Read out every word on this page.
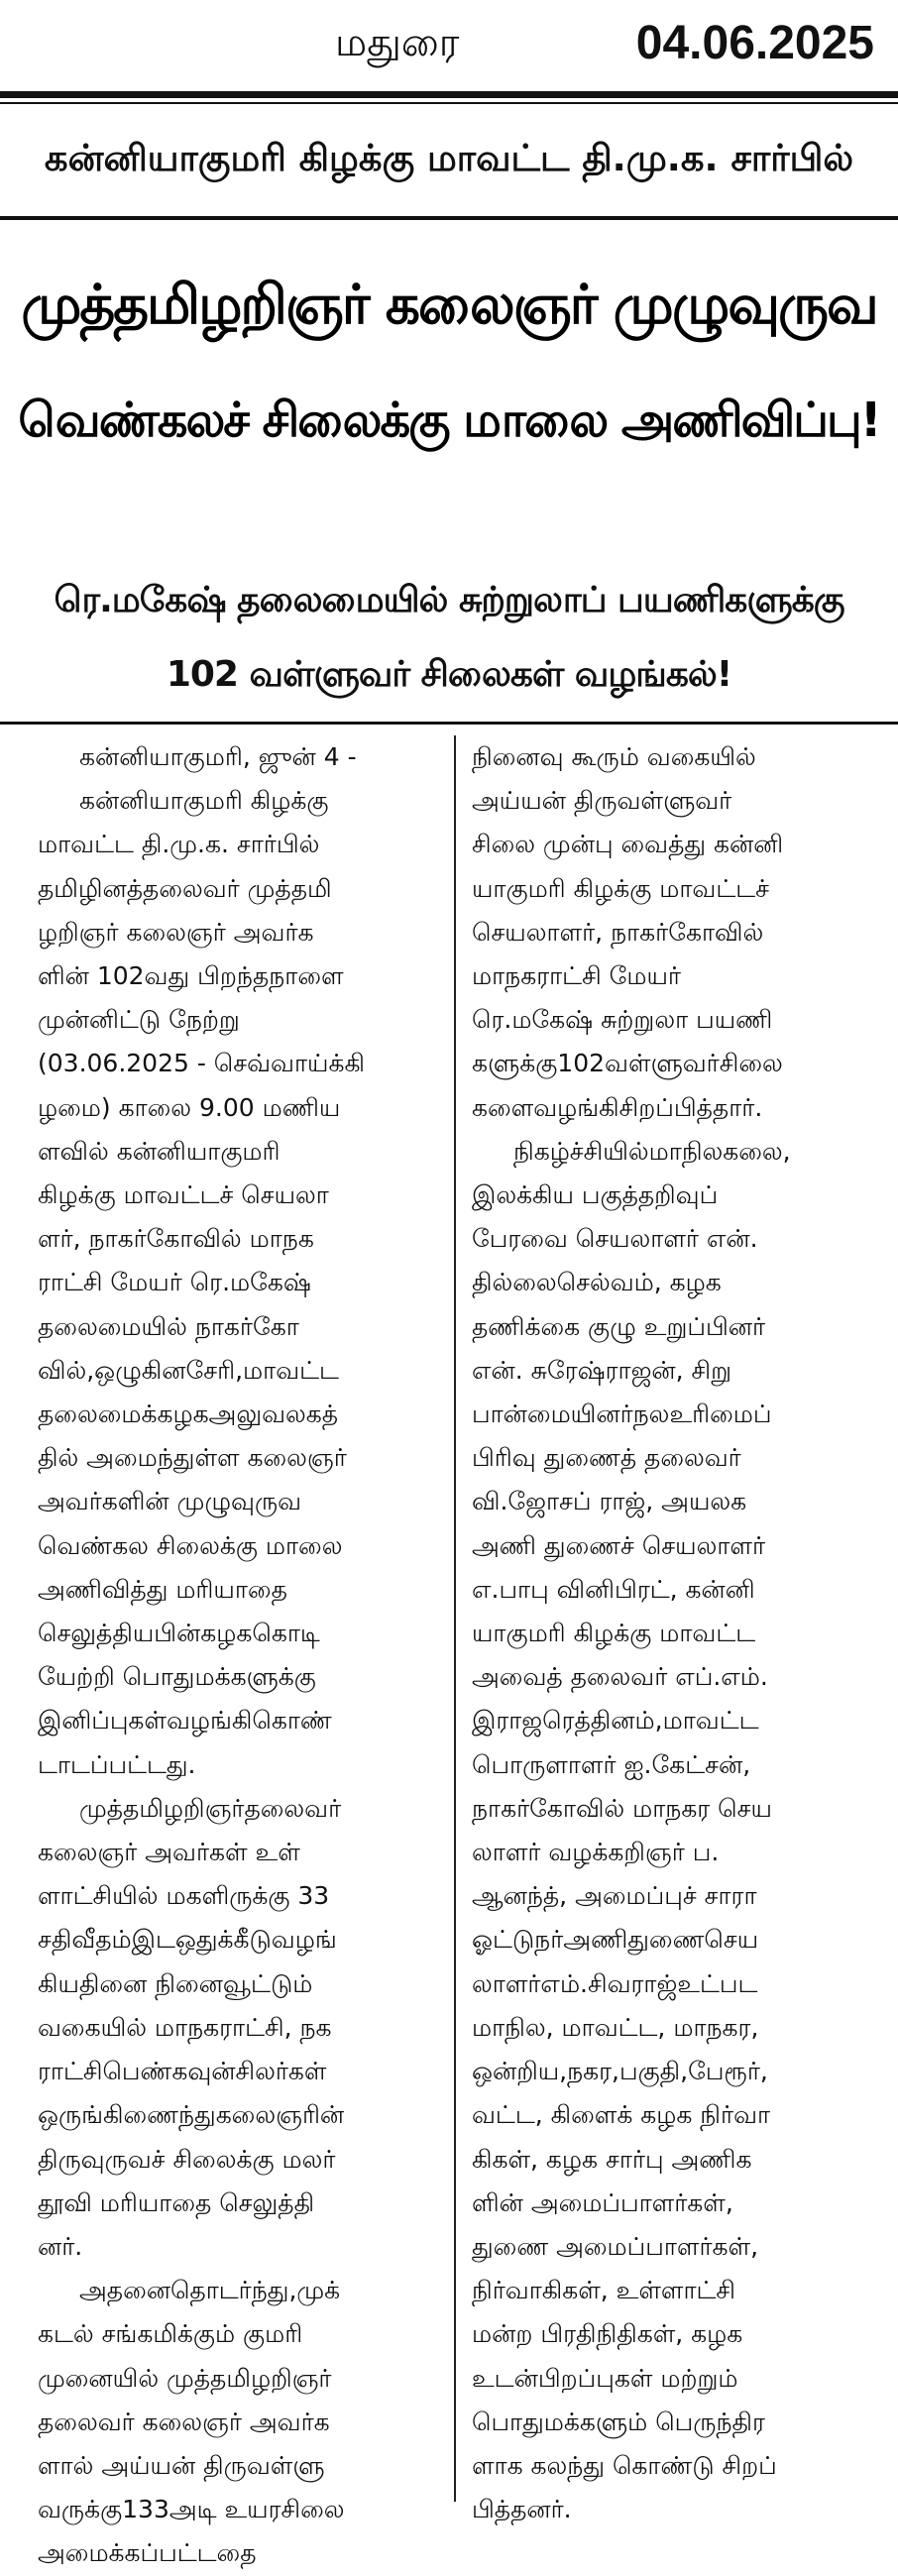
மதுரை	04.06.2025
கன்னியாகுமரி கிழக்கு மாவட்ட தி.மு.க. சார்பில்
முத்தமிழறிஞர் கலைஞர் முழுவுருவ
வெண்கலச் சிலைக்கு மாலை அணிவிப்பு!
ரெ.மகேஷ் தலைமையில் சுற்றுலாப் பயணிகளுக்கு
102 வள்ளுவர் சிலைகள் வழங்கல்!
கன்னியாகுமரி, ஜுன் 4 -
கன்னியாகுமரி கிழக்கு
மாவட்ட தி.மு.க. சார்பில்
தமிழினத்தலைவர் முத்தமி
ழறிஞர் கலைஞர் அவர்க
ளின் 102வது பிறந்தநாளை
முன்னிட்டு நேற்று
(03.06.2025 - செவ்வாய்க்கி
ழமை) காலை 9.00 மணிய
ளவில் கன்னியாகுமரி
கிழக்கு மாவட்டச் செயலா
ளர், நாகர்கோவில் மாநக
ராட்சி மேயர் ரெ.மகேஷ்
தலைமையில் நாகர்கோ
வில்,ஒழுகினசேரி,மாவட்ட
தலைமைக்கழகஅலுவலகத்
தில் அமைந்துள்ள கலைஞர்
அவர்களின் முழுவுருவ
வெண்கல சிலைக்கு மாலை
அணிவித்து மரியாதை
செலுத்தியபின்கழககொடி
யேற்றி பொதுமக்களுக்கு
இனிப்புகள்வழங்கிகொண்
டாடப்பட்டது.
முத்தமிழறிஞர்தலைவர்
கலைஞர் அவர்கள் உள்
ளாட்சியில் மகளிருக்கு 33
சதிவீதம்இடஒதுக்கீடுவழங்
கியதினை நினைவூட்டும்
வகையில் மாநகராட்சி, நக
ராட்சிபெண்கவுன்சிலர்கள்
ஒருங்கிணைந்துகலைஞரின்
திருவுருவச் சிலைக்கு மலர்
தூவி மரியாதை செலுத்தி
னர்.
அதனைதொடர்ந்து,முக்
கடல் சங்கமிக்கும் குமரி
முனையில் முத்தமிழறிஞர்
தலைவர் கலைஞர் அவர்க
ளால் அய்யன் திருவள்ளு
வருக்கு133அடி உயரசிலை
அமைக்கப்பட்டதை
நினைவு கூரும் வகையில்
அய்யன் திருவள்ளுவர்
சிலை முன்பு வைத்து கன்னி
யாகுமரி கிழக்கு மாவட்டச்
செயலாளர், நாகர்கோவில்
மாநகராட்சி மேயர்
ரெ.மகேஷ் சுற்றுலா பயணி
களுக்கு102வள்ளுவர்சிலை
களைவழங்கிசிறப்பித்தார்.
நிகழ்ச்சியில்மாநிலகலை,
இலக்கிய பகுத்தறிவுப்
பேரவை செயலாளர் என்.
தில்லைசெல்வம், கழக
தணிக்கை குழு உறுப்பினர்
என். சுரேஷ்ராஜன், சிறு
பான்மையினர்நலஉரிமைப்
பிரிவு துணைத் தலைவர்
வி.ஜோசப் ராஜ், அயலக
அணி துணைச் செயலாளர்
எ.பாபு வினிபிரட், கன்னி
யாகுமரி கிழக்கு மாவட்ட
அவைத் தலைவர் எப்.எம்.
இராஜரெத்தினம்,மாவட்ட
பொருளாளர் ஐ.கேட்சன்,
நாகர்கோவில் மாநகர செய
லாளர் வழக்கறிஞர் ப.
ஆனந்த், அமைப்புச் சாரா
ஓட்டுநர்அணிதுணைசெய
லாளர்எம்.சிவராஜ்உட்பட
மாநில, மாவட்ட, மாநகர,
ஒன்றிய,நகர,பகுதி,பேரூர்,
வட்ட, கிளைக் கழக நிர்வா
கிகள், கழக சார்பு அணிக
ளின் அமைப்பாளர்கள்,
துணை அமைப்பாளர்கள்,
நிர்வாகிகள், உள்ளாட்சி
மன்ற பிரதிநிதிகள், கழக
உடன்பிறப்புகள் மற்றும்
பொதுமக்களும் பெருந்திர
ளாக கலந்து கொண்டு சிறப்
பித்தனர்.
